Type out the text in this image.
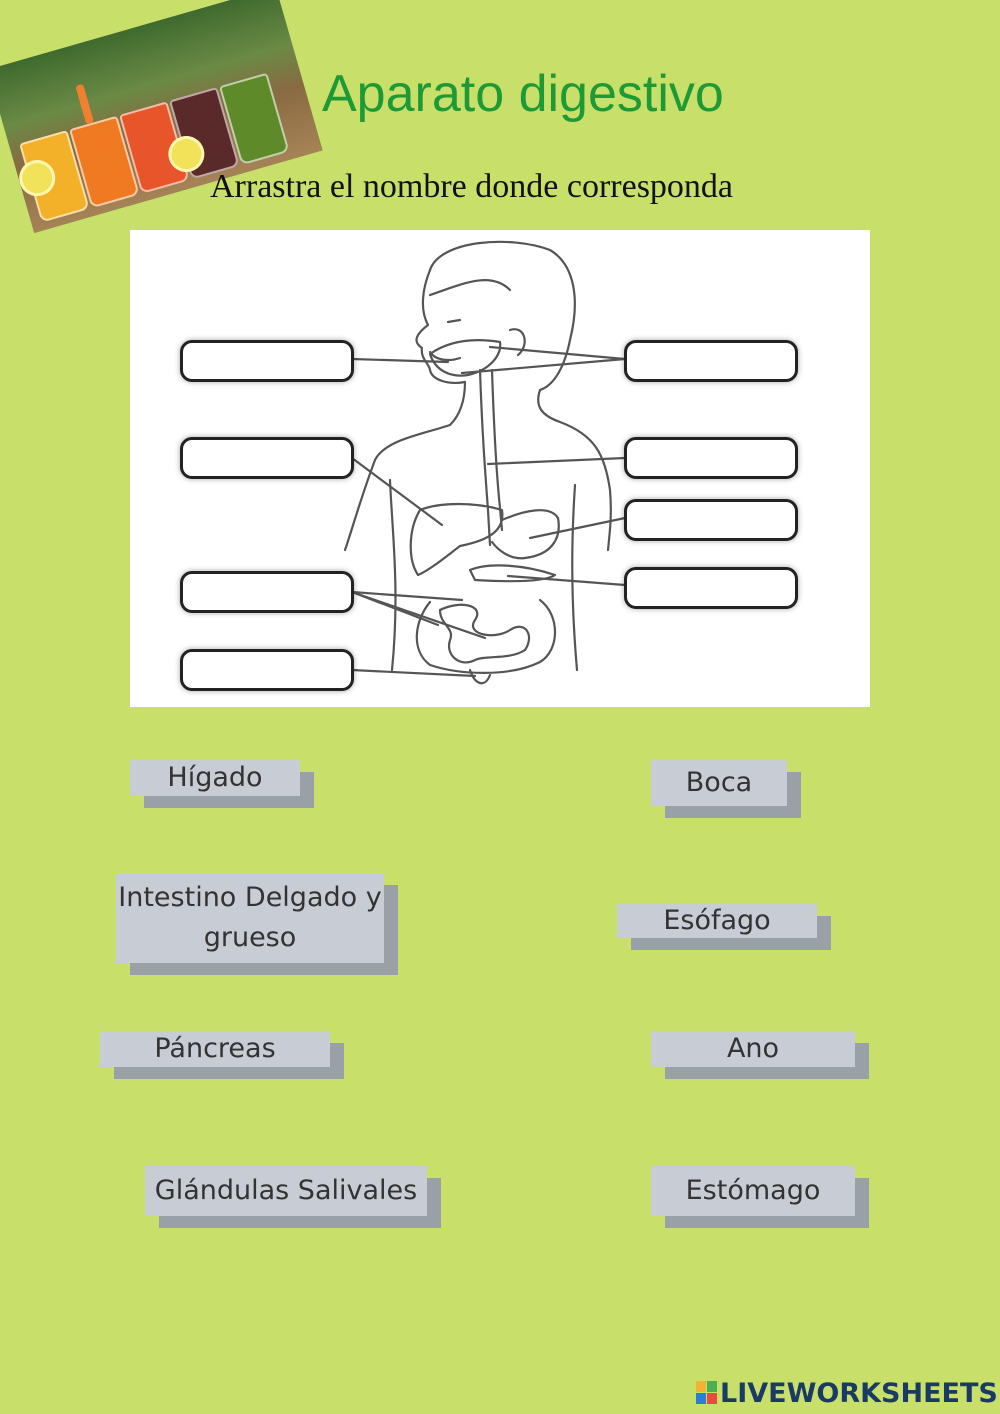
Aparato digestivo
Arrastra el nombre donde corresponda
Hígado	Boca
Intestino Delgado y grueso
Esófago
Páncreas	Ano
Glándulas Salivales	Estómago
LIVEWORKSHEETS
